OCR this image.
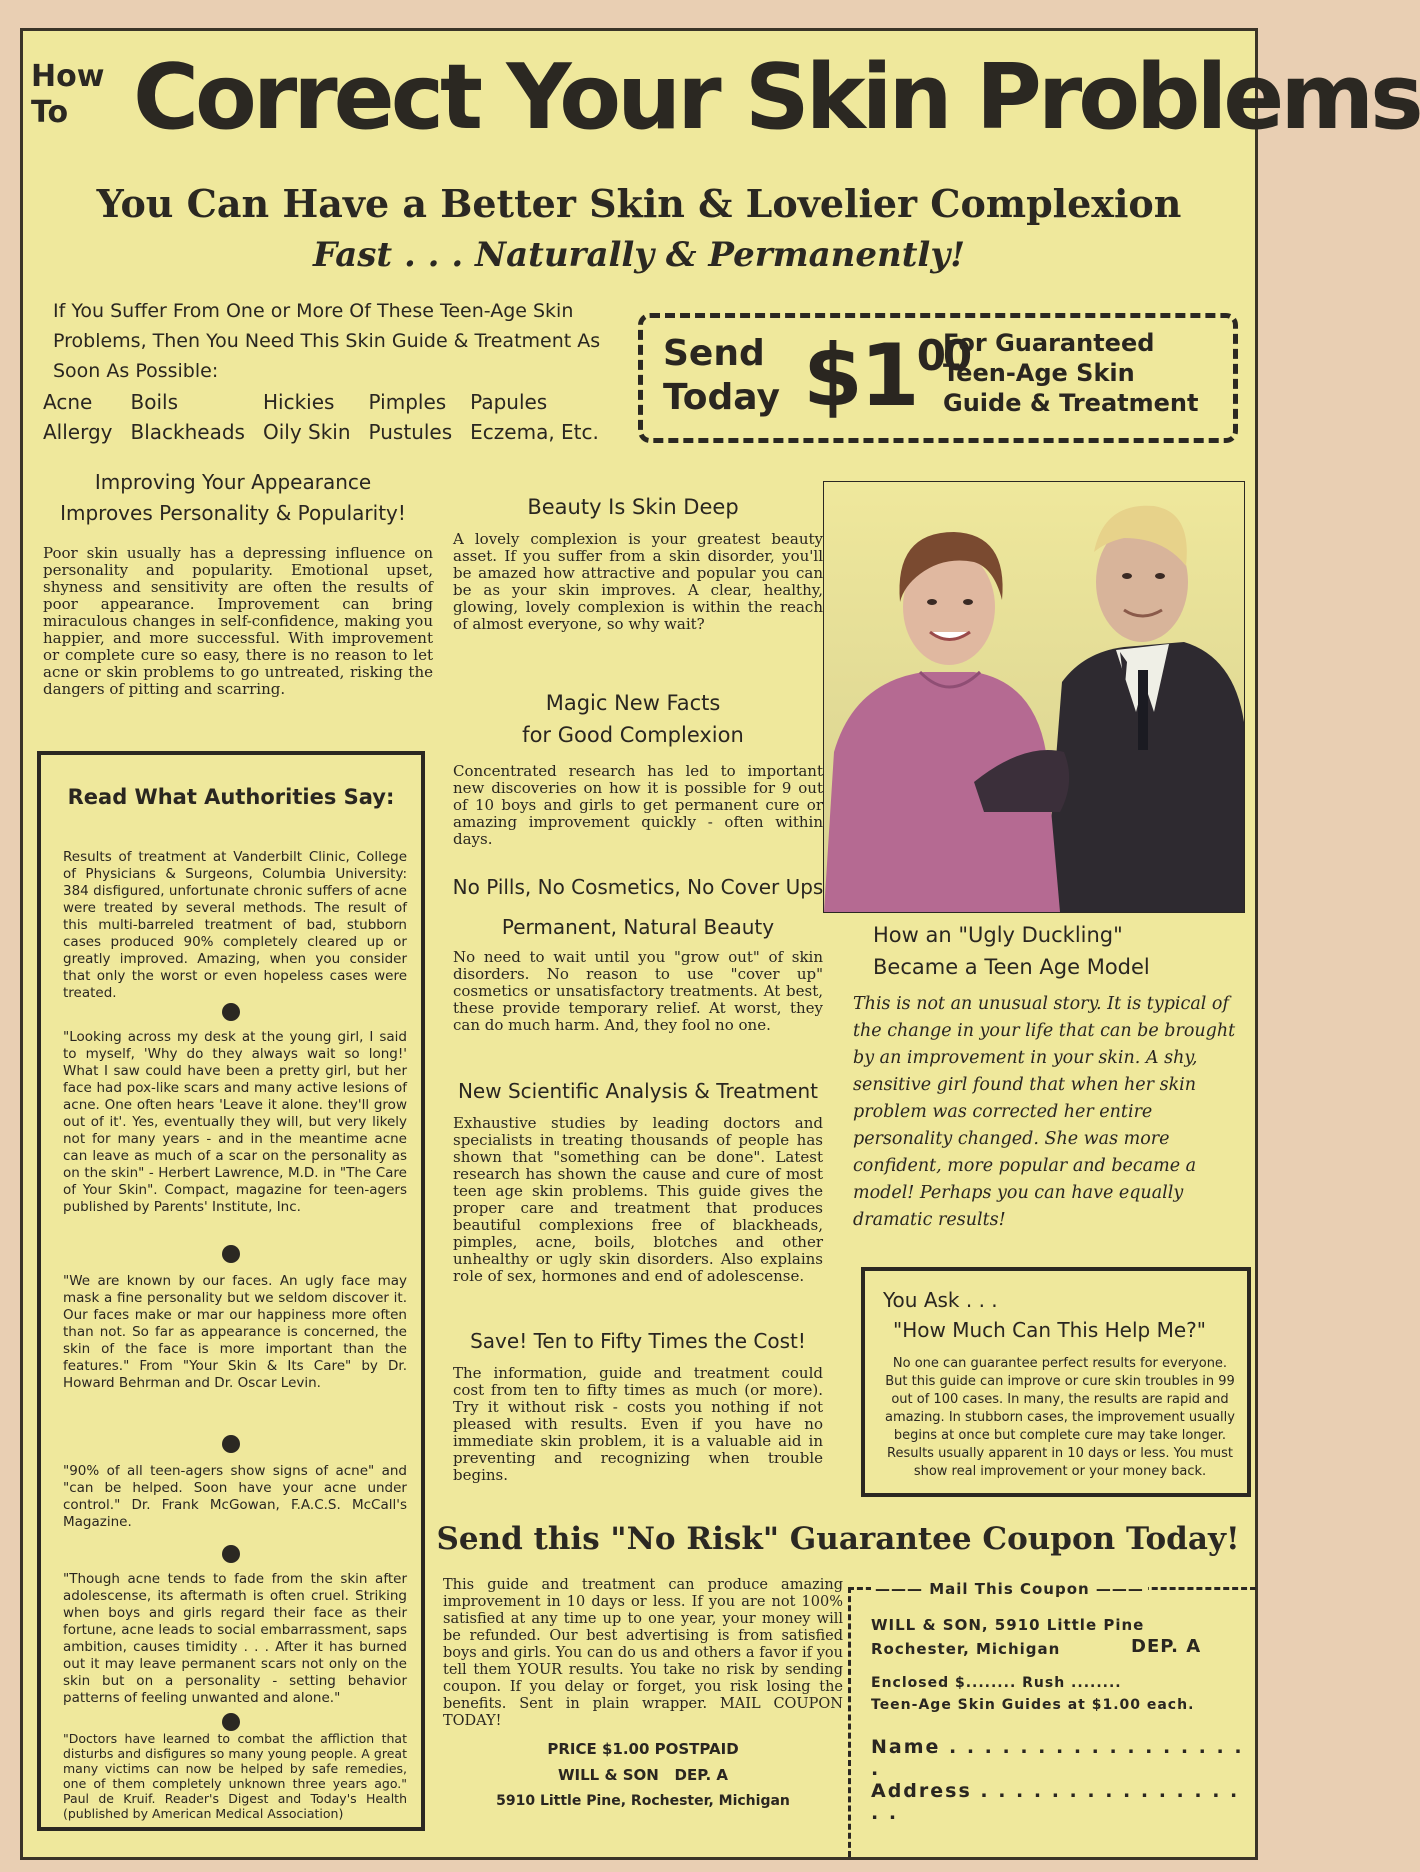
How
To Correct Your Skin Problems
You Can Have a Better Skin & Lovelier Complexion
Fast . . . Naturally & Permanently!
If You Suffer From One or More Of These Teen-Age Skin Problems, Then You Need This Skin Guide & Treatment As Soon As Possible:
Acne	Boils	Hickies	Pimples	Papules
Allergy	Blackheads	Oily Skin	Pustules	Eczema, Etc.
Send
Today $\$1^{00}$
For Guaranteed
Teen-Age Skin
Guide & Treatment
Improving Your Appearance
Improves Personality & Popularity!
Poor skin usually has a depressing influence on personality and popularity. Emotional upset, shyness and sensitivity are often the results of poor appearance. Improvement can bring miraculous changes in self-confidence, making you happier, and more successful. With improvement or complete cure so easy, there is no reason to let acne or skin problems to go untreated, risking the dangers of pitting and scarring.
Read What Authorities Say:
Results of treatment at Vanderbilt Clinic, College of Physicians & Surgeons, Columbia University: 384 disfigured, unfortunate chronic suffers of acne were treated by several methods. The result of this multi-barreled treatment of bad, stubborn cases produced 90% completely cleared up or greatly improved. Amazing, when you consider that only the worst or even hopeless cases were treated.
"Looking across my desk at the young girl, I said to myself, 'Why do they always wait so long!' What I saw could have been a pretty girl, but her face had pox-like scars and many active lesions of acne. One often hears 'Leave it alone. they'll grow out of it'. Yes, eventually they will, but very likely not for many years - and in the meantime acne can leave as much of a scar on the personality as on the skin" - Herbert Lawrence, M.D. in "The Care of Your Skin". Compact, magazine for teen-agers published by Parents' Institute, Inc.
"We are known by our faces. An ugly face may mask a fine personality but we seldom discover it. Our faces make or mar our happiness more often than not. So far as appearance is concerned, the skin of the face is more important than the features." From "Your Skin & Its Care" by Dr. Howard Behrman and Dr. Oscar Levin.
"90% of all teen-agers show signs of acne" and "can be helped. Soon have your acne under control." Dr. Frank McGowan, F.A.C.S. McCall's Magazine.
"Though acne tends to fade from the skin after adolescense, its aftermath is often cruel. Striking when boys and girls regard their face as their fortune, acne leads to social embarrassment, saps ambition, causes timidity . . . After it has burned out it may leave permanent scars not only on the skin but on a personality - setting behavior patterns of feeling unwanted and alone."
"Doctors have learned to combat the affliction that disturbs and disfigures so many young people. A great many victims can now be helped by safe remedies, one of them completely unknown three years ago." Paul de Kruif. Reader's Digest and Today's Health (published by American Medical Association)
Beauty Is Skin Deep
A lovely complexion is your greatest beauty asset. If you suffer from a skin disorder, you'll be amazed how attractive and popular you can be as your skin improves. A clear, healthy, glowing, lovely complexion is within the reach of almost everyone, so why wait?
Magic New Facts
for Good Complexion
Concentrated research has led to important new discoveries on how it is possible for 9 out of 10 boys and girls to get permanent cure or amazing improvement quickly - often within days.
No Pills, No Cosmetics, No Cover Ups
Permanent, Natural Beauty
No need to wait until you "grow out" of skin disorders. No reason to use "cover up" cosmetics or unsatisfactory treatments. At best, these provide temporary relief. At worst, they can do much harm. And, they fool no one.
New Scientific Analysis & Treatment
Exhaustive studies by leading doctors and specialists in treating thousands of people has shown that "something can be done". Latest research has shown the cause and cure of most teen age skin problems. This guide gives the proper care and treatment that produces beautiful complexions free of blackheads, pimples, acne, boils, blotches and other unhealthy or ugly skin disorders. Also explains role of sex, hormones and end of adolescense.
Save! Ten to Fifty Times the Cost!
The information, guide and treatment could cost from ten to fifty times as much (or more). Try it without risk - costs you nothing if not pleased with results. Even if you have no immediate skin problem, it is a valuable aid in preventing and recognizing when trouble begins.
How an "Ugly Duckling"
Became a Teen Age Model
This is not an unusual story. It is typical of the change in your life that can be brought by an improvement in your skin. A shy, sensitive girl found that when her skin problem was corrected her entire personality changed. She was more confident, more popular and became a model! Perhaps you can have equally dramatic results!
You Ask . . .
"How Much Can This Help Me?"
No one can guarantee perfect results for everyone. But this guide can improve or cure skin troubles in 99 out of 100 cases. In many, the results are rapid and amazing. In stubborn cases, the improvement usually begins at once but complete cure may take longer. Results usually apparent in 10 days or less. You must show real improvement or your money back.
Send this "No Risk" Guarantee Coupon Today!
This guide and treatment can produce amazing improvement in 10 days or less. If you are not 100% satisfied at any time up to one year, your money will be refunded. Our best advertising is from satisfied boys and girls. You can do us and others a favor if you tell them YOUR results. You take no risk by sending coupon. If you delay or forget, you risk losing the benefits. Sent in plain wrapper. MAIL COUPON TODAY!
PRICE $1.00 POSTPAID
WILL & SON DEP. A
5910 Little Pine, Rochester, Michigan
——— Mail This Coupon ———
WILL & SON, 5910 Little Pine
Rochester, Michigan	DEP. A
Enclosed $........ Rush ........
Teen-Age Skin Guides at $1.00 each.
Name . . . . . . . . . . . . . . . . . .
Address . . . . . . . . . . . . . . . . .
